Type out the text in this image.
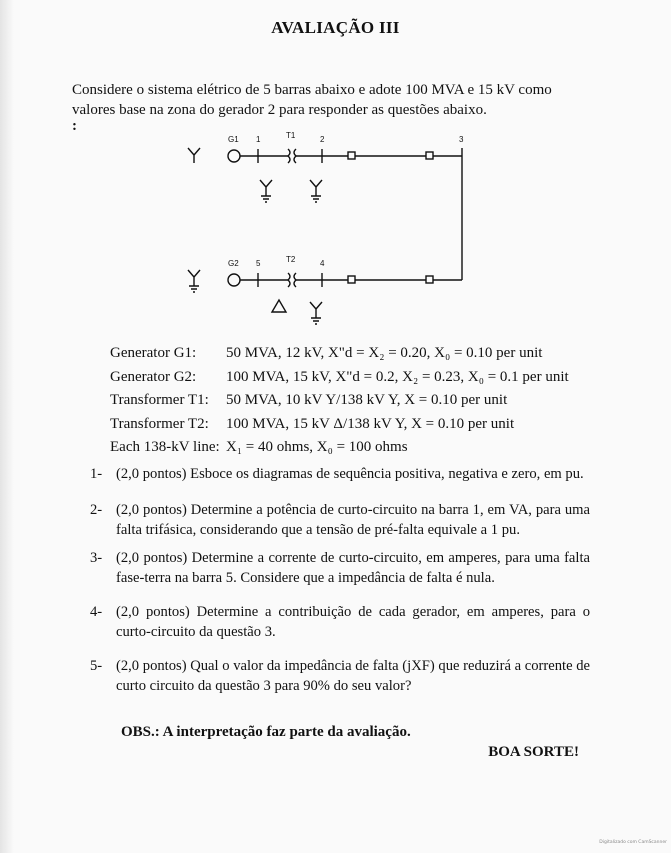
AVALIAÇÃO III
Considere o sistema elétrico de 5 barras abaixo e adote 100 MVA e 15 kV como valores base na zona do gerador 2 para responder as questões abaixo.
:
G1 1	T1	2	3
G2 5	T2	4
Generator G1:	50 MVA, 12 kV, X"d = X₂ = 0.20, X₀ = 0.10 per unit
Generator G2:	100 MVA, 15 kV, X"d = 0.2, X₂ = 0.23, X₀ = 0.1 per unit
Transformer T1:	50 MVA, 10 kV Y/138 kV Y, X = 0.10 per unit
Transformer T2:	100 MVA, 15 kV Δ/138 kV Y, X = 0.10 per unit
Each 138-kV line: X₁ = 40 ohms, X₀ = 100 ohms
1- (2,0 pontos) Esboce os diagramas de sequência positiva, negativa e zero, em pu.
2- (2,0 pontos) Determine a potência de curto-circuito na barra 1, em VA, para uma falta trifásica, considerando que a tensão de pré-falta equivale a 1 pu.
3- (2,0 pontos) Determine a corrente de curto-circuito, em amperes, para uma falta fase-terra na barra 5. Considere que a impedância de falta é nula.
4- (2,0 pontos) Determine a contribuição de cada gerador, em amperes, para o curto-circuito da questão 3.
5- (2,0 pontos) Qual o valor da impedância de falta (jXF) que reduzirá a corrente de curto circuito da questão 3 para 90% do seu valor?
OBS.: A interpretação faz parte da avaliação.
BOA SORTE!
Digitalizado com CamScanner
